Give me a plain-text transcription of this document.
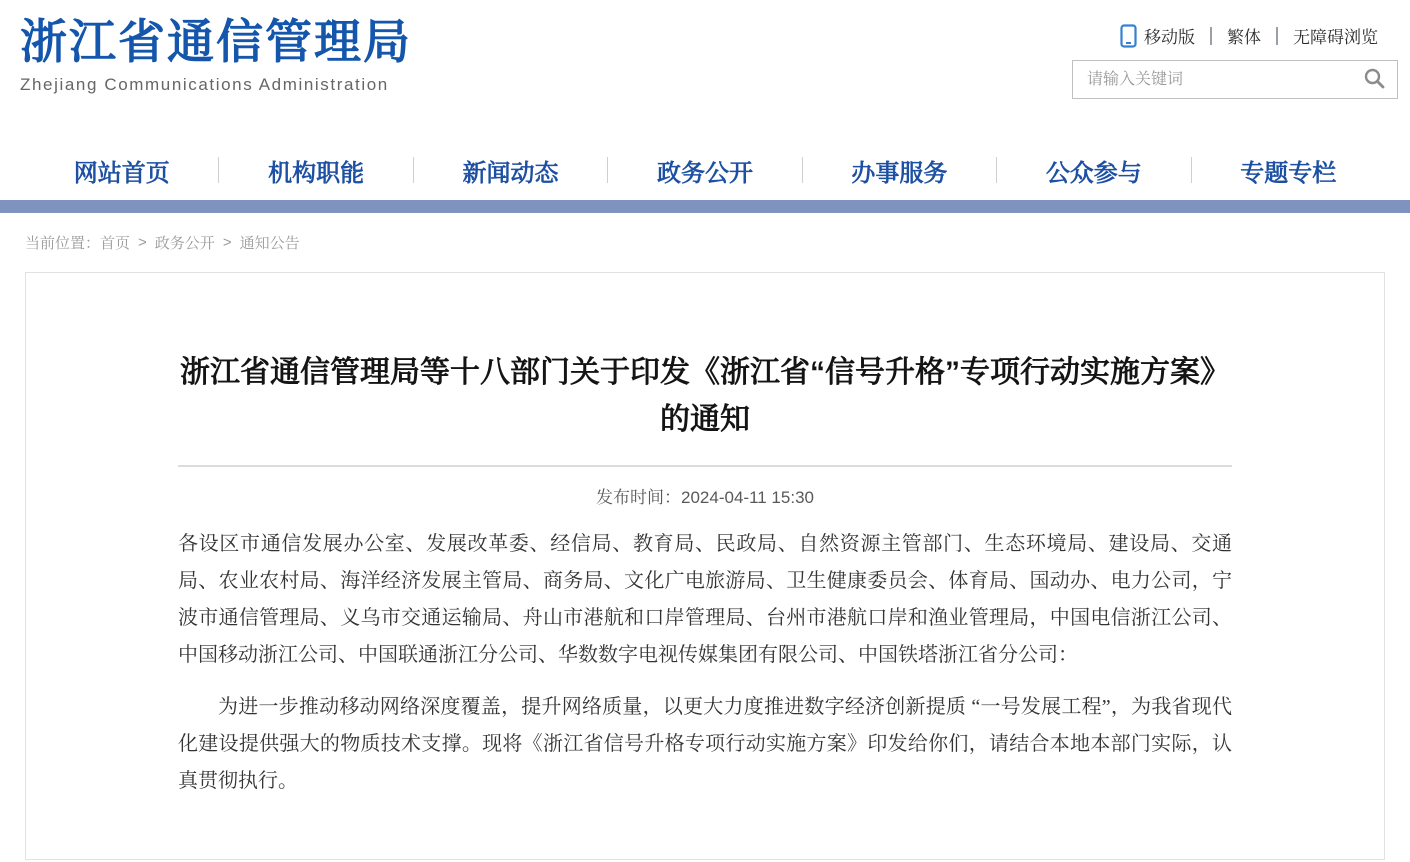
浙江省通信管理局
Zhejiang Communications Administration
移动版 繁体 无障碍浏览
请输入关键词
网站首页	机构职能	新闻动态	政务公开	办事服务	公众参与	专题专栏
当前位置： 首页 > 政务公开 > 通知公告
浙江省通信管理局等十八部门关于印发《浙江省“信号升格”专项行动实施方案》的通知
发布时间：2024-04-11 15:30

各设区市通信发展办公室、发展改革委、经信局、教育局、民政局、自然资源主管部门、生态环境局、建设局、交通局、农业农村局、海洋经济发展主管局、商务局、文化广电旅游局、卫生健康委员会、体育局、国动办、电力公司，宁波市通信管理局、义乌市交通运输局、舟山市港航和口岸管理局、台州市港航口岸和渔业管理局，中国电信浙江公司、中国移动浙江公司、中国联通浙江分公司、华数数字电视传媒集团有限公司、中国铁塔浙江省分公司：

为进一步推动移动网络深度覆盖，提升网络质量，以更大力度推进数字经济创新提质 “一号发展工程”，为我省现代化建设提供强大的物质技术支撑。现将《浙江省信号升格专项行动实施方案》印发给你们，请结合本地本部门实际，认真贯彻执行。
